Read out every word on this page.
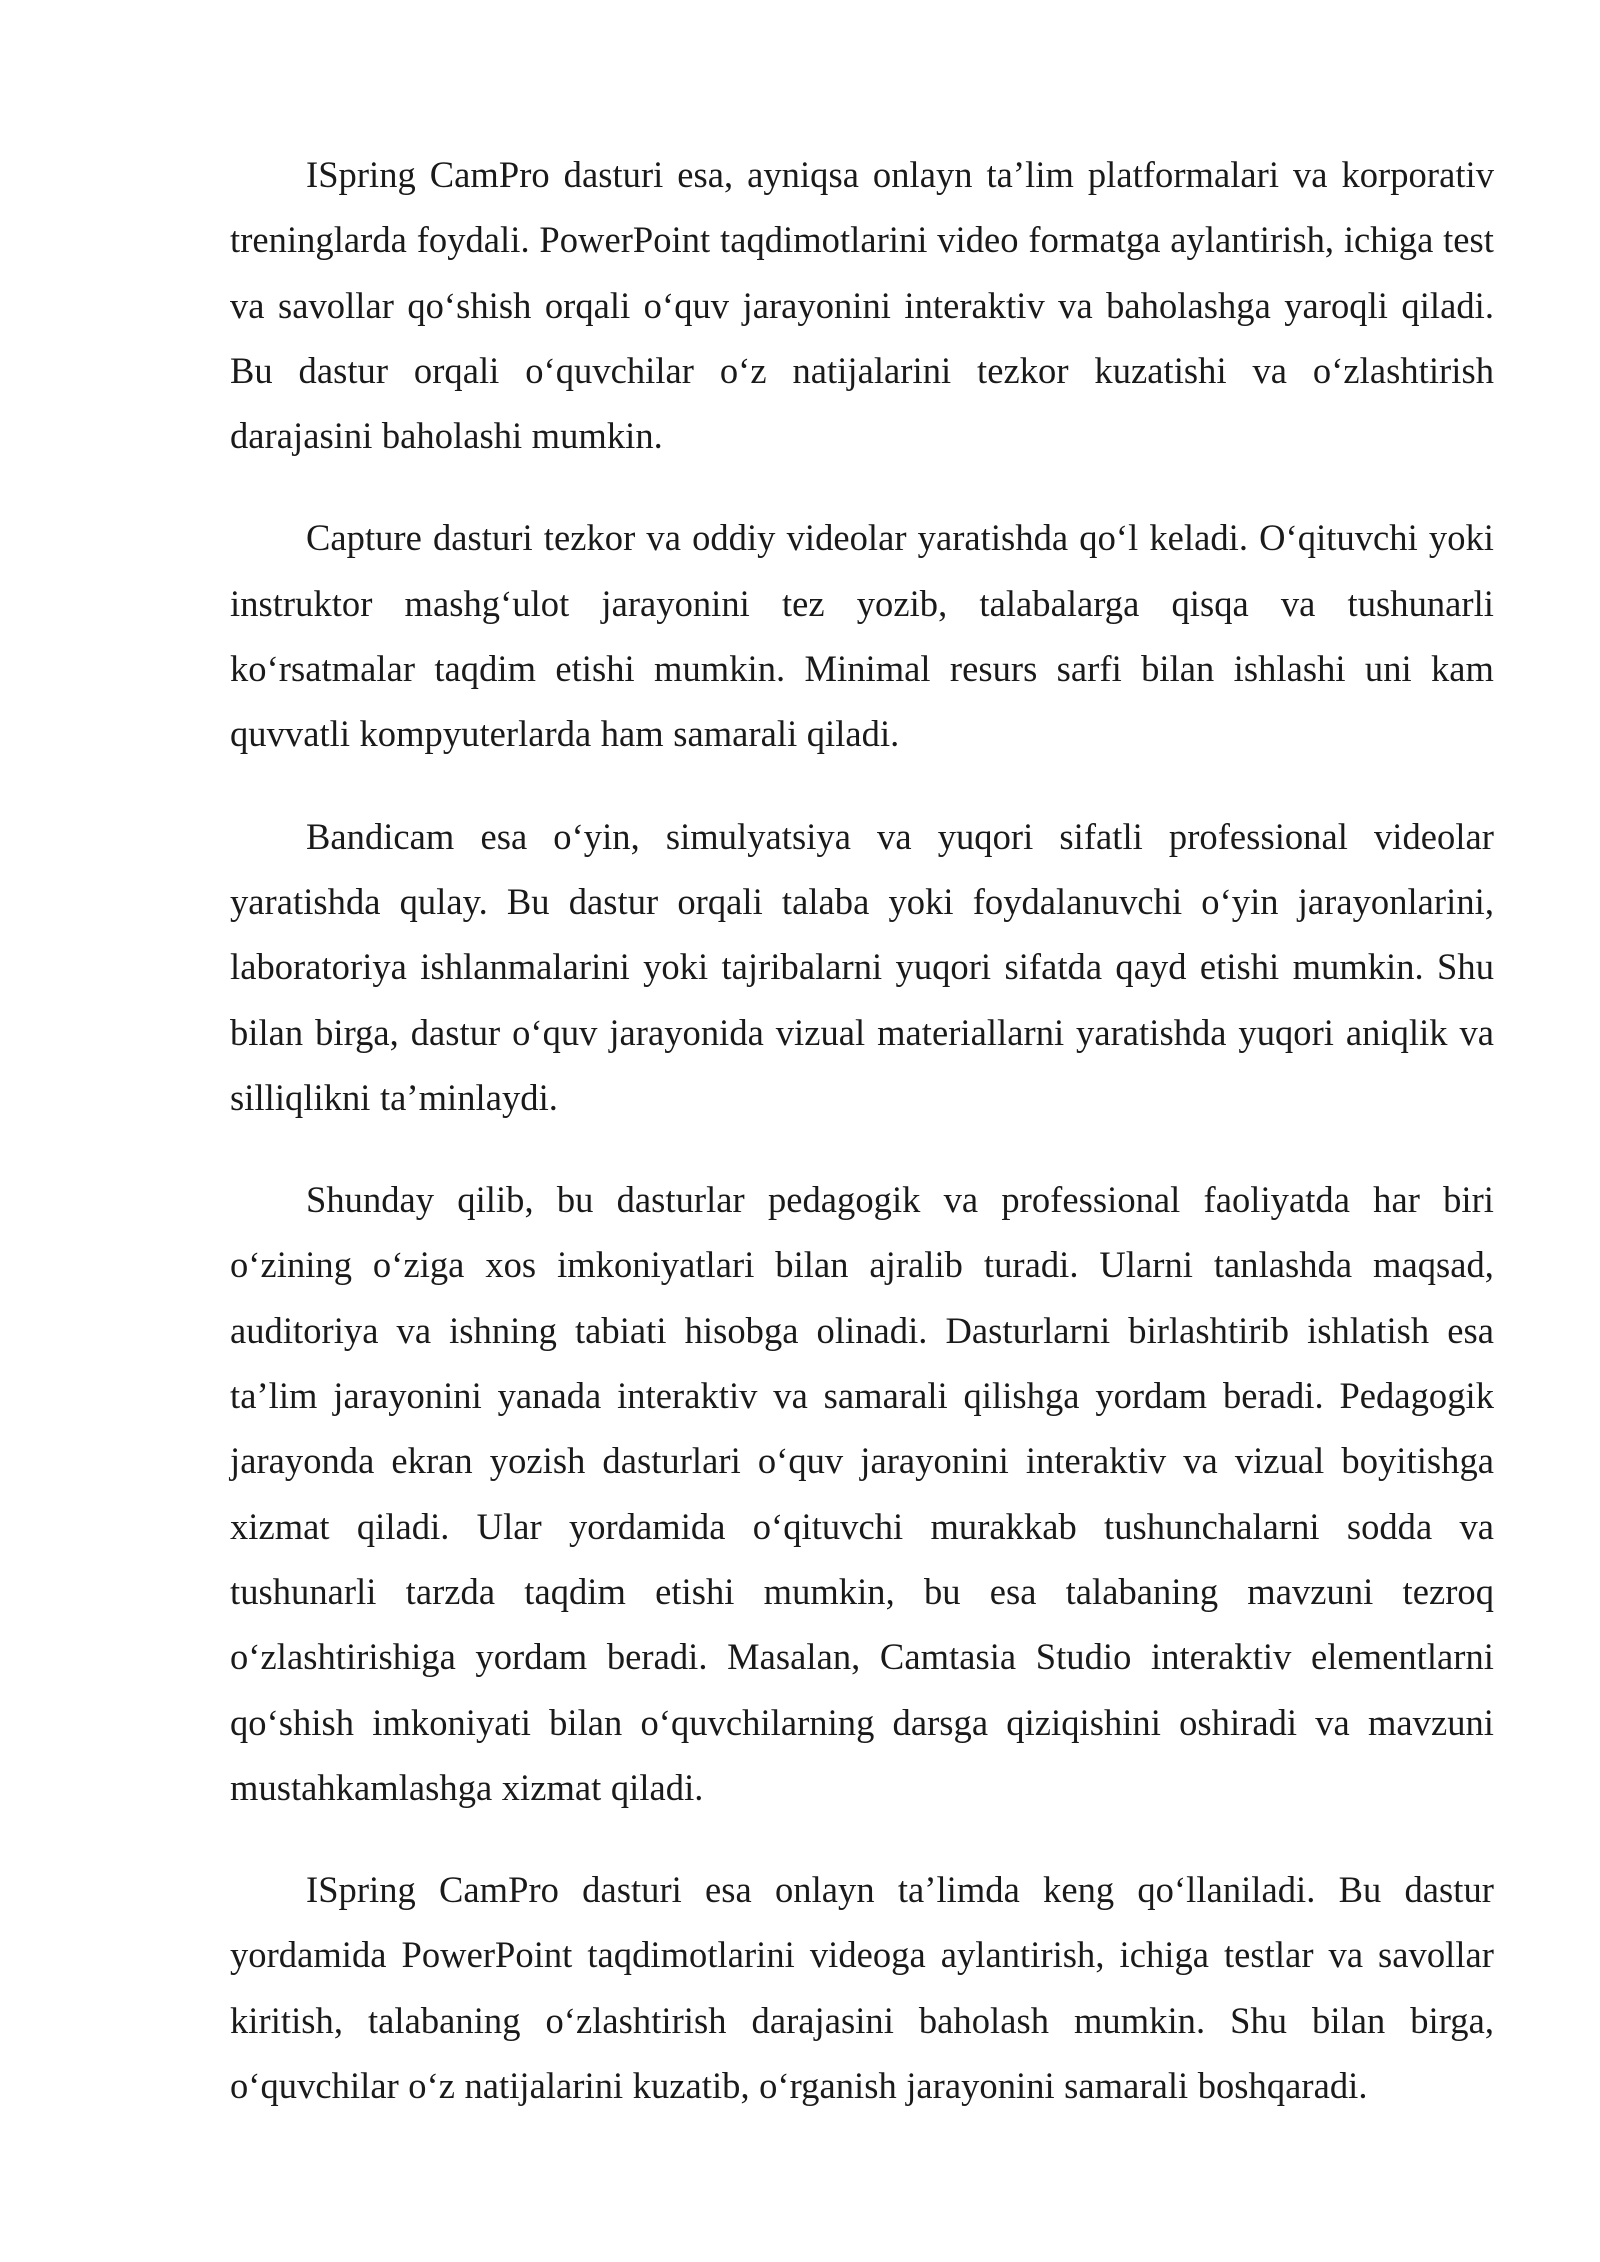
ISpring CamPro dasturi esa, ayniqsa onlayn ta’lim platformalari va korporativ treninglarda foydali. PowerPoint taqdimotlarini video formatga aylantirish, ichiga test va savollar qo‘shish orqali o‘quv jarayonini interaktiv va baholashga yaroqli qiladi. Bu dastur orqali o‘quvchilar o‘z natijalarini tezkor kuzatishi va o‘zlashtirish darajasini baholashi mumkin.

Capture dasturi tezkor va oddiy videolar yaratishda qo‘l keladi. O‘qituvchi yoki instruktor mashg‘ulot jarayonini tez yozib, talabalarga qisqa va tushunarli ko‘rsatmalar taqdim etishi mumkin. Minimal resurs sarfi bilan ishlashi uni kam quvvatli kompyuterlarda ham samarali qiladi.

Bandicam esa o‘yin, simulyatsiya va yuqori sifatli professional videolar yaratishda qulay. Bu dastur orqali talaba yoki foydalanuvchi o‘yin jarayonlarini, laboratoriya ishlanmalarini yoki tajribalarni yuqori sifatda qayd etishi mumkin. Shu bilan birga, dastur o‘quv jarayonida vizual materiallarni yaratishda yuqori aniqlik va silliqlikni ta’minlaydi.

Shunday qilib, bu dasturlar pedagogik va professional faoliyatda har biri o‘zining o‘ziga xos imkoniyatlari bilan ajralib turadi. Ularni tanlashda maqsad, auditoriya va ishning tabiati hisobga olinadi. Dasturlarni birlashtirib ishlatish esa ta’lim jarayonini yanada interaktiv va samarali qilishga yordam beradi. Pedagogik jarayonda ekran yozish dasturlari o‘quv jarayonini interaktiv va vizual boyitishga xizmat qiladi. Ular yordamida o‘qituvchi murakkab tushunchalarni sodda va tushunarli tarzda taqdim etishi mumkin, bu esa talabaning mavzuni tezroq o‘zlashtirishiga yordam beradi. Masalan, Camtasia Studio interaktiv elementlarni qo‘shish imkoniyati bilan o‘quvchilarning darsga qiziqishini oshiradi va mavzuni mustahkamlashga xizmat qiladi.

ISpring CamPro dasturi esa onlayn ta’limda keng qo‘llaniladi. Bu dastur yordamida PowerPoint taqdimotlarini videoga aylantirish, ichiga testlar va savollar kiritish, talabaning o‘zlashtirish darajasini baholash mumkin. Shu bilan birga, o‘quvchilar o‘z natijalarini kuzatib, o‘rganish jarayonini samarali boshqaradi.
